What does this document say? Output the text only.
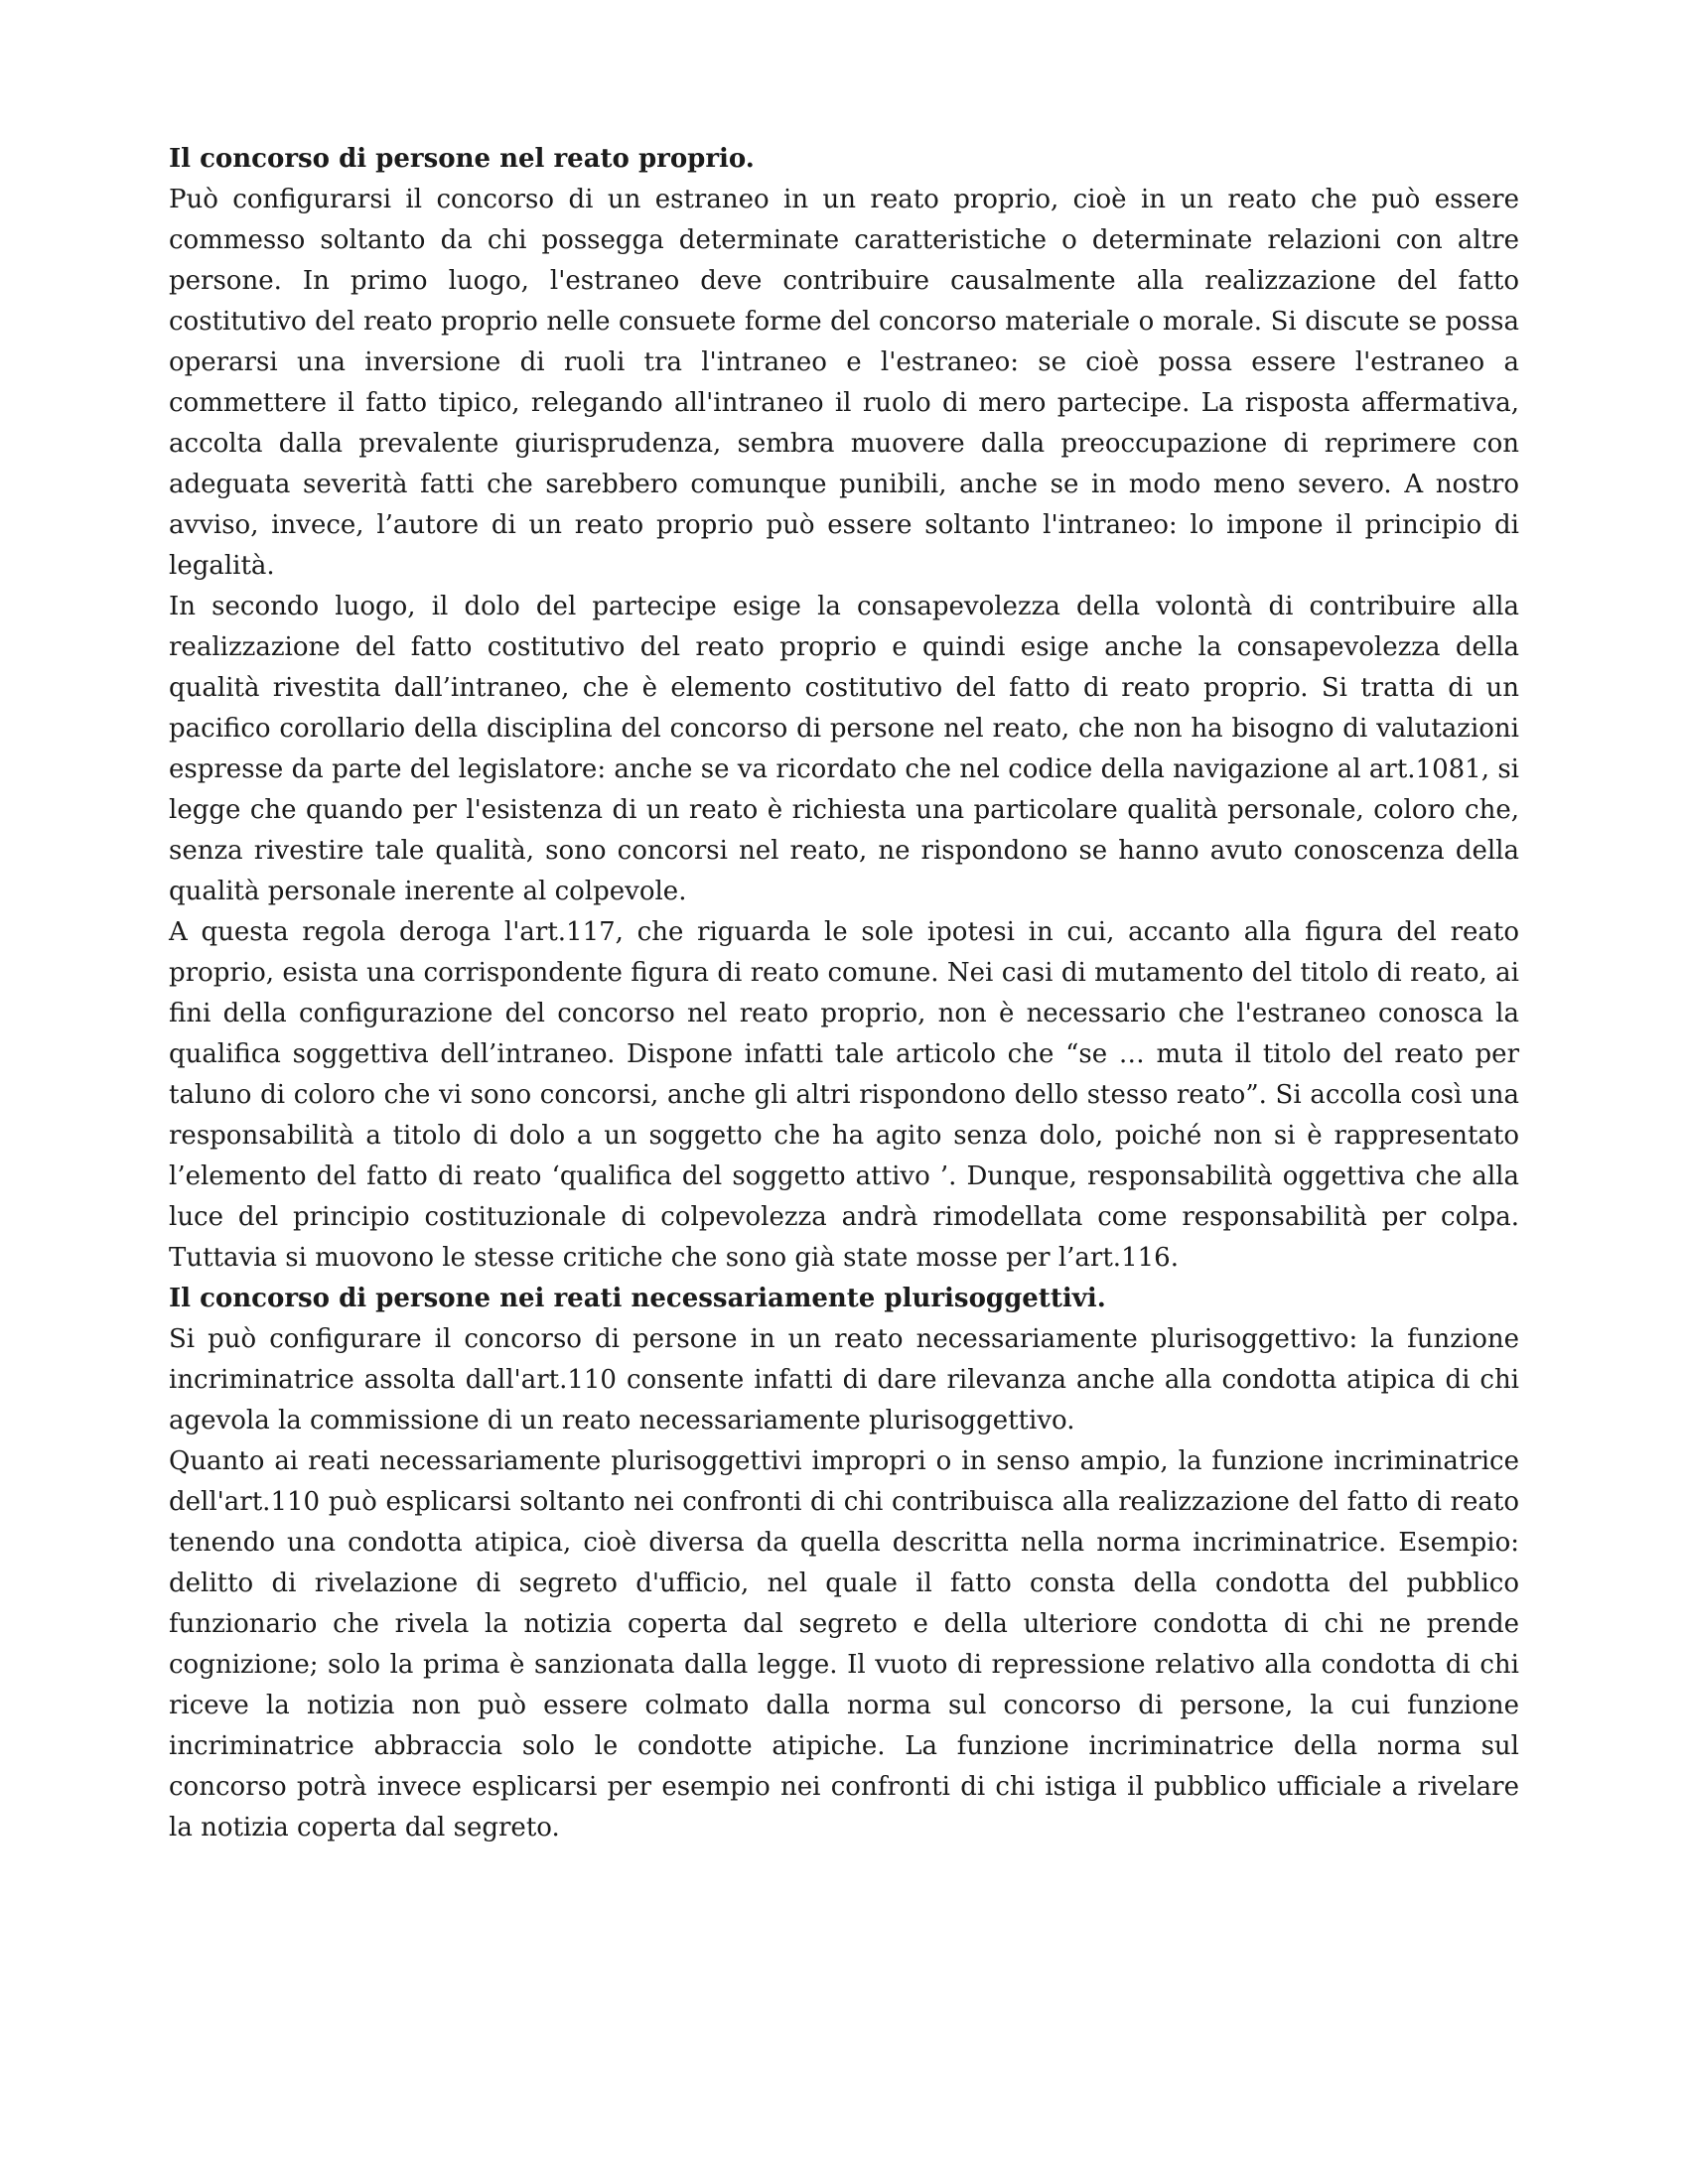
Il concorso di persone nel reato proprio.

Può configurarsi il concorso di un estraneo in un reato proprio, cioè in un reato che può essere commesso soltanto da chi possegga determinate caratteristiche o determinate relazioni con altre persone. In primo luogo, l'estraneo deve contribuire causalmente alla realizzazione del fatto costitutivo del reato proprio nelle consuete forme del concorso materiale o morale. Si discute se possa operarsi una inversione di ruoli tra l'intraneo e l'estraneo: se cioè possa essere l'estraneo a commettere il fatto tipico, relegando all'intraneo il ruolo di mero partecipe. La risposta affermativa, accolta dalla prevalente giurisprudenza, sembra muovere dalla preoccupazione di reprimere con adeguata severità fatti che sarebbero comunque punibili, anche se in modo meno severo. A nostro avviso, invece, l’autore di un reato proprio può essere soltanto l'intraneo: lo impone il principio di legalità.

In secondo luogo, il dolo del partecipe esige la consapevolezza della volontà di contribuire alla realizzazione del fatto costitutivo del reato proprio e quindi esige anche la consapevolezza della qualità rivestita dall’intraneo, che è elemento costitutivo del fatto di reato proprio. Si tratta di un pacifico corollario della disciplina del concorso di persone nel reato, che non ha bisogno di valutazioni espresse da parte del legislatore: anche se va ricordato che nel codice della navigazione al art.1081, si legge che quando per l'esistenza di un reato è richiesta una particolare qualità personale, coloro che, senza rivestire tale qualità, sono concorsi nel reato, ne rispondono se hanno avuto conoscenza della qualità personale inerente al colpevole.

A questa regola deroga l'art.117, che riguarda le sole ipotesi in cui, accanto alla figura del reato proprio, esista una corrispondente figura di reato comune. Nei casi di mutamento del titolo di reato, ai fini della configurazione del concorso nel reato proprio, non è necessario che l'estraneo conosca la qualifica soggettiva dell’intraneo. Dispone infatti tale articolo che “se … muta il titolo del reato per taluno di coloro che vi sono concorsi, anche gli altri rispondono dello stesso reato”. Si accolla così una responsabilità a titolo di dolo a un soggetto che ha agito senza dolo, poiché non si è rappresentato l’elemento del fatto di reato ‘qualifica del soggetto attivo ’. Dunque, responsabilità oggettiva che alla luce del principio costituzionale di colpevolezza andrà rimodellata come responsabilità per colpa. Tuttavia si muovono le stesse critiche che sono già state mosse per l’art.116.

Il concorso di persone nei reati necessariamente plurisoggettivi.

Si può configurare il concorso di persone in un reato necessariamente plurisoggettivo: la funzione incriminatrice assolta dall'art.110 consente infatti di dare rilevanza anche alla condotta atipica di chi agevola la commissione di un reato necessariamente plurisoggettivo.

Quanto ai reati necessariamente plurisoggettivi impropri o in senso ampio, la funzione incriminatrice dell'art.110 può esplicarsi soltanto nei confronti di chi contribuisca alla realizzazione del fatto di reato tenendo una condotta atipica, cioè diversa da quella descritta nella norma incriminatrice. Esempio: delitto di rivelazione di segreto d'ufficio, nel quale il fatto consta della condotta del pubblico funzionario che rivela la notizia coperta dal segreto e della ulteriore condotta di chi ne prende cognizione; solo la prima è sanzionata dalla legge. Il vuoto di repressione relativo alla condotta di chi riceve la notizia non può essere colmato dalla norma sul concorso di persone, la cui funzione incriminatrice abbraccia solo le condotte atipiche. La funzione incriminatrice della norma sul concorso potrà invece esplicarsi per esempio nei confronti di chi istiga il pubblico ufficiale a rivelare la notizia coperta dal segreto.
